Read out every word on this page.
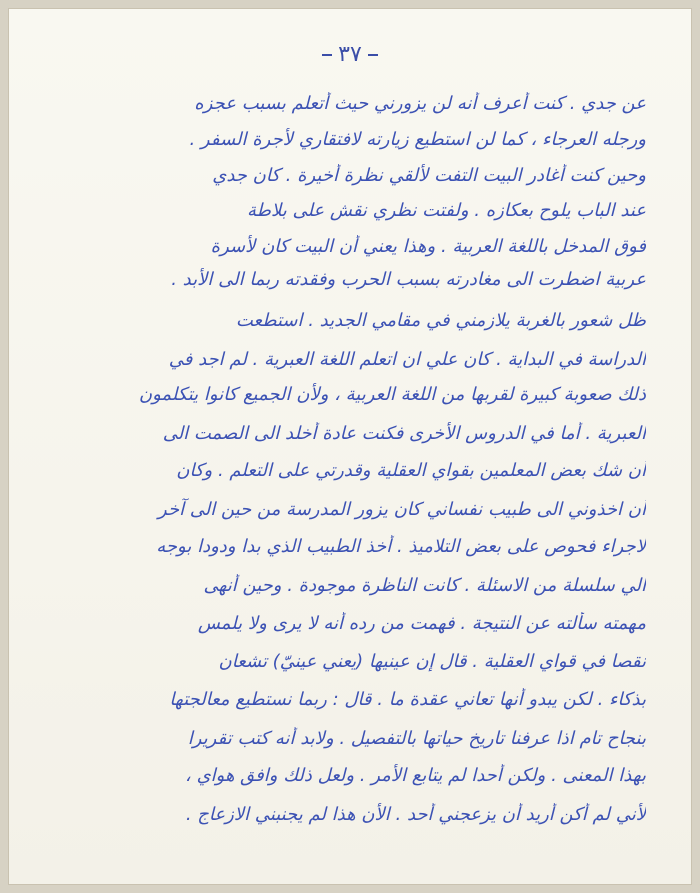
٣٧
عن جدي . كنت أعرف أنه لن يزورني حيث أتعلم بسبب عجزه
ورجله العرجاء ، كما لن استطيع زيارته لافتقاري لأجرة السفر .
وحين كنت أغادر البيت التفت لألقي نظرة أخيرة . كان جدي
عند الباب يلوح بعكازه . ولفتت نظري نقش على بلاطة
فوق المدخل باللغة العربية . وهذا يعني أن البيت كان لأسرة
عربية اضطرت الى مغادرته بسبب الحرب وفقدته ربما الى الأبد .
ظل شعور بالغربة يلازمني في مقامي الجديد . استطعت
الدراسة في البداية . كان علي ان اتعلم اللغة العبرية . لم اجد في
ذلك صعوبة كبيرة لقربها من اللغة العربية ، ولأن الجميع كانوا يتكلمون
العبرية . أما في الدروس الأخرى فكنت عادة أخلد الى الصمت الى
أن شك بعض المعلمين بقواي العقلية وقدرتي على التعلم . وكان
أن اخذوني الى طبيب نفساني كان يزور المدرسة من حين الى آخر
لاجراء فحوص على بعض التلاميذ . أخذ الطبيب الذي بدا ودودا بوجه
الي سلسلة من الاسئلة . كانت الناظرة موجودة . وحين أنهى
مهمته سألته عن النتيجة . فهمت من رده أنه لا يرى ولا يلمس
نقصا في قواي العقلية . قال إن عينيها (يعني عينيّ) تشعان
بذكاء . لكن يبدو أنها تعاني عقدة ما . قال : ربما نستطيع معالجتها
بنجاح تام اذا عرفنا تاريخ حياتها بالتفصيل . ولابد أنه كتب تقريرا
بهذا المعنى . ولكن أحدا لم يتابع الأمر . ولعل ذلك وافق هواي ،
لأني لم أكن أريد أن يزعجني أحد . الأن هذا لم يجنبني الازعاج .
